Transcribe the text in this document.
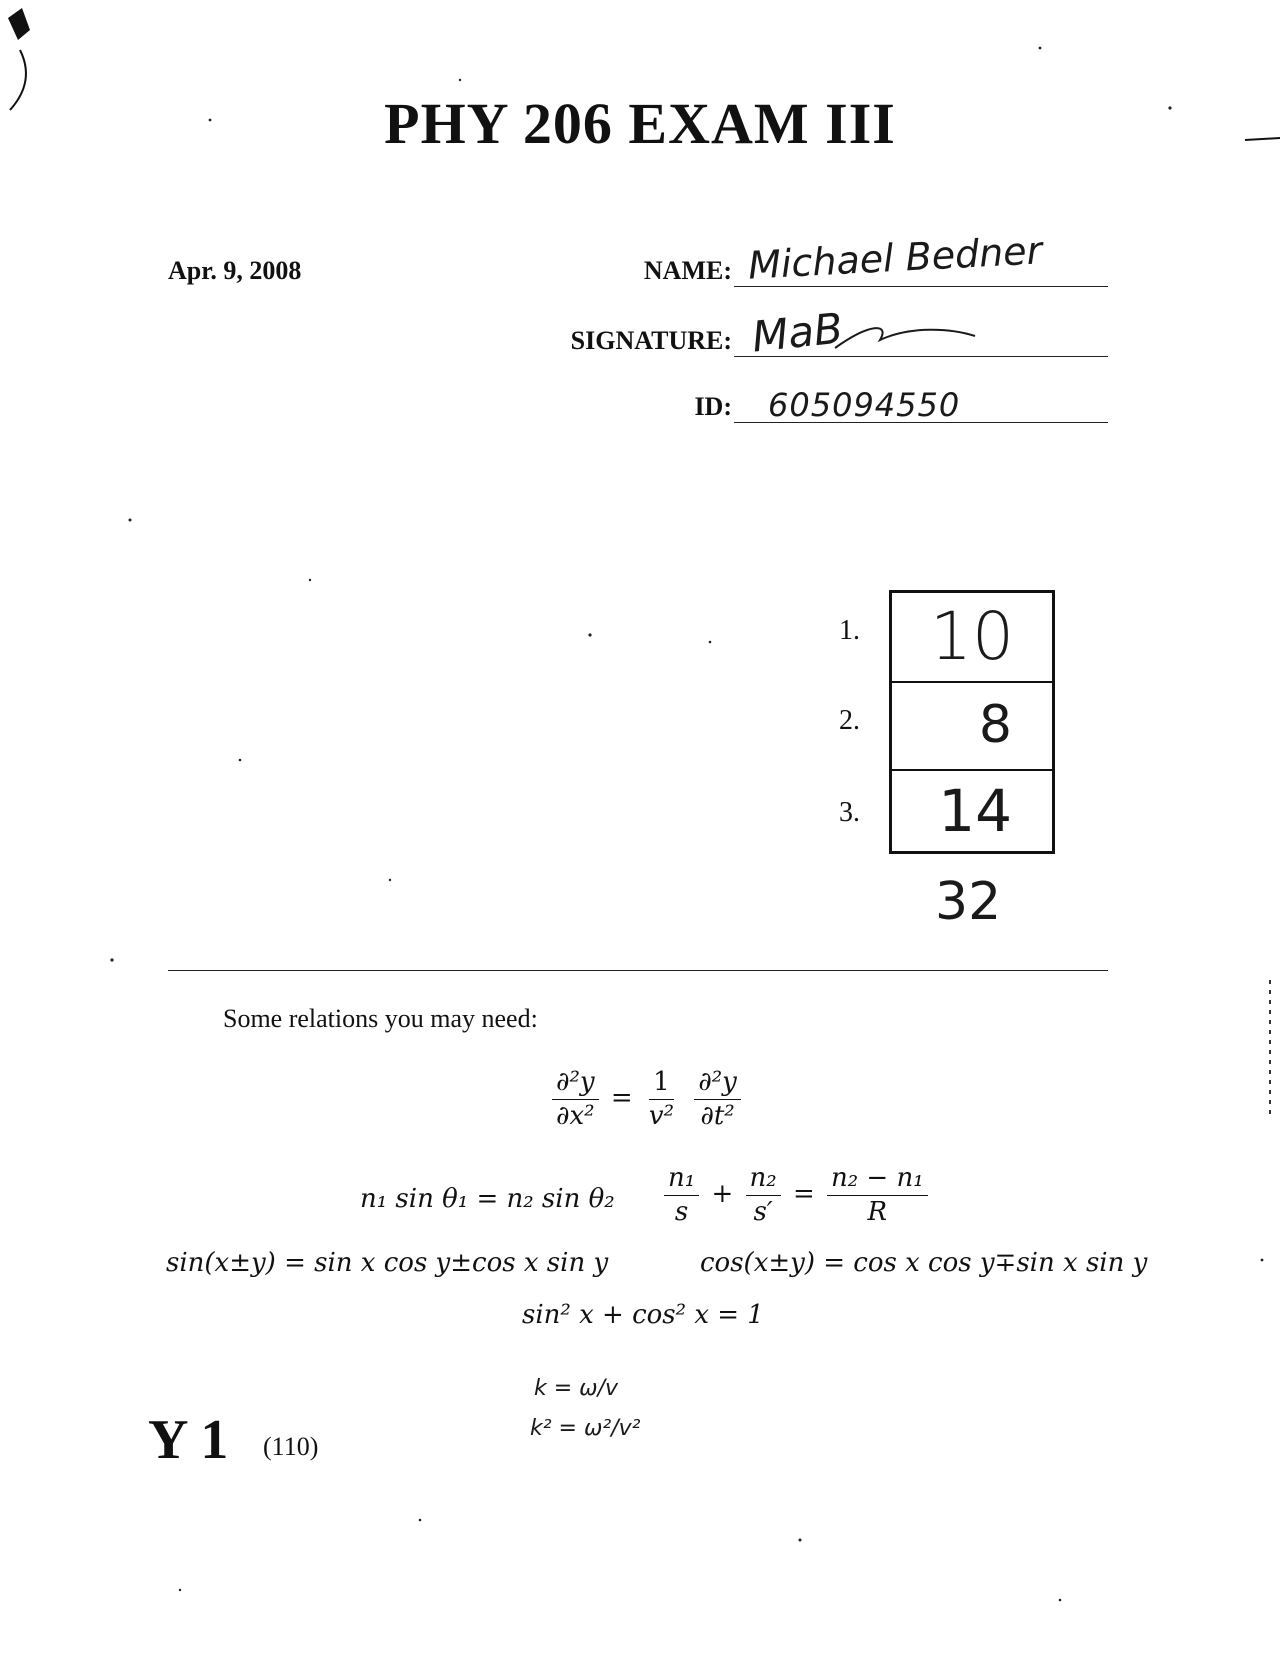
PHY 206 EXAM III
Apr. 9, 2008	NAME: Michael Bedner
SIGNATURE: MaB
ID: 605094550
1.
2.
3.
10
8
14
32
Some relations you may need:
$\frac{\text{∂²y}}{\text{∂x²}} = \frac{1}{\text{v²}}$
$\frac{\text{∂²y}}{\text{∂t²}}$
n₁ sin θ₁ = n₂ $\sin \theta_2 \frac{\text{n₁}}{s} + \frac{\text{n₂}}{s'} = \frac{\text{n₂ − n₁}}{R}$
sin(x±y) = sin x cos y±cos x sin y	cos(x±y) = cos x cos y∓sin x sin y
sin² x + cos² x = 1
k = ω/v
k² = ω²/v²
Y 1 (110)
